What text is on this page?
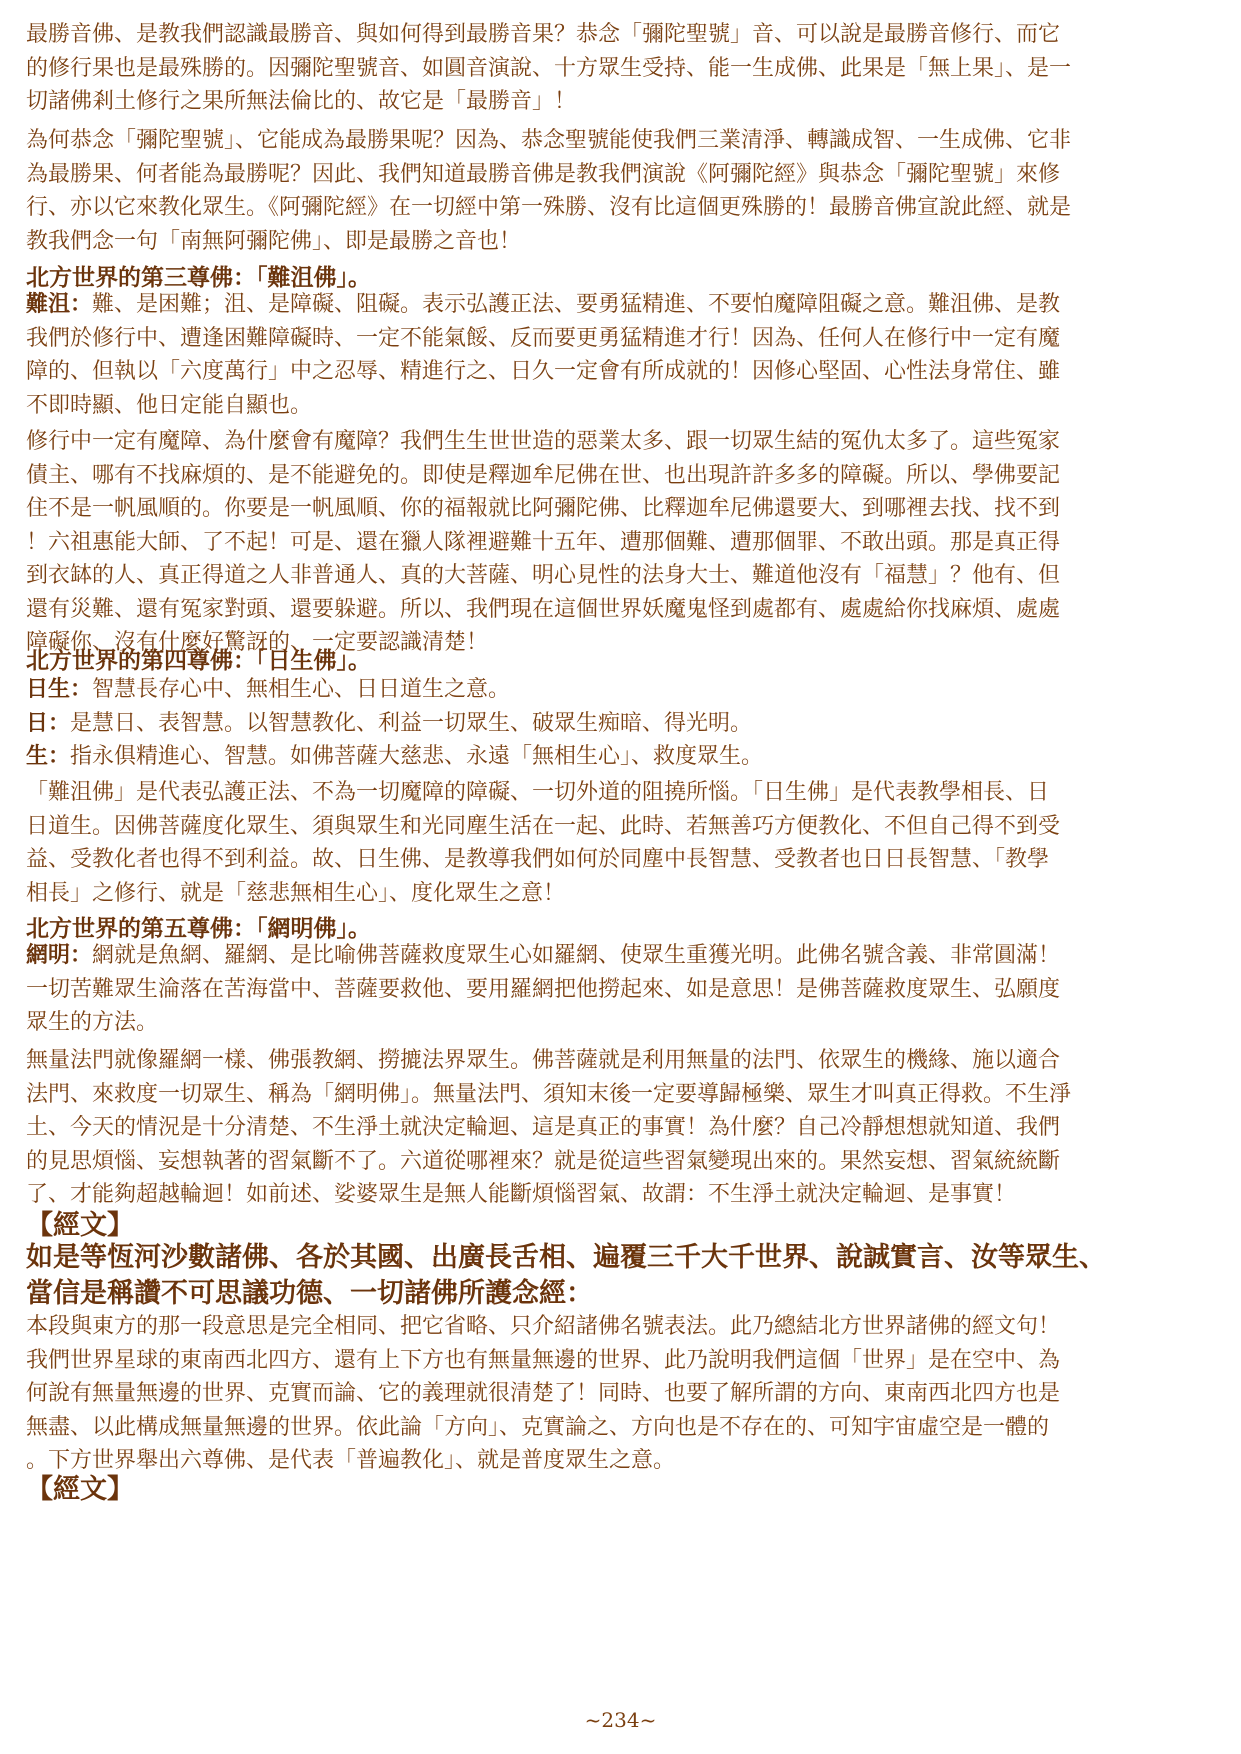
最勝音佛、是教我們認識最勝音、與如何得到最勝音果？恭念「彌陀聖號」音、可以說是最勝音修行、而它
的修行果也是最殊勝的。因彌陀聖號音、如圓音演說、十方眾生受持、能一生成佛、此果是「無上果」、是一
切諸佛剎土修行之果所無法倫比的、故它是「最勝音」！
為何恭念「彌陀聖號」、它能成為最勝果呢？因為、恭念聖號能使我們三業清淨、轉識成智、一生成佛、它非
為最勝果、何者能為最勝呢？因此、我們知道最勝音佛是教我們演說《阿彌陀經》與恭念「彌陀聖號」來修
行、亦以它來教化眾生。《阿彌陀經》在一切經中第一殊勝、沒有比這個更殊勝的！最勝音佛宣說此經、就是
教我們念一句「南無阿彌陀佛」、即是最勝之音也！
北方世界的第三尊佛：「難沮佛」。
難沮：難、是困難；沮、是障礙、阻礙。表示弘護正法、要勇猛精進、不要怕魔障阻礙之意。難沮佛、是教
我們於修行中、遭逢困難障礙時、一定不能氣餒、反而要更勇猛精進才行！因為、任何人在修行中一定有魔
障的、但執以「六度萬行」中之忍辱、精進行之、日久一定會有所成就的！因修心堅固、心性法身常住、雖
不即時顯、他日定能自顯也。
修行中一定有魔障、為什麼會有魔障？我們生生世世造的惡業太多、跟一切眾生結的冤仇太多了。這些冤家
債主、哪有不找麻煩的、是不能避免的。即使是釋迦牟尼佛在世、也出現許許多多的障礙。所以、學佛要記
住不是一帆風順的。你要是一帆風順、你的福報就比阿彌陀佛、比釋迦牟尼佛還要大、到哪裡去找、找不到
！六祖惠能大師、了不起！可是、還在獵人隊裡避難十五年、遭那個難、遭那個罪、不敢出頭。那是真正得
到衣缽的人、真正得道之人非普通人、真的大菩薩、明心見性的法身大士、難道他沒有「福慧」？他有、但
還有災難、還有冤家對頭、還要躲避。所以、我們現在這個世界妖魔鬼怪到處都有、處處給你找麻煩、處處
障礙你、沒有什麼好驚訝的、一定要認識清楚！
北方世界的第四尊佛：「日生佛」。
日生：智慧長存心中、無相生心、日日道生之意。
日：是慧日、表智慧。以智慧教化、利益一切眾生、破眾生痴暗、得光明。
生：指永俱精進心、智慧。如佛菩薩大慈悲、永遠「無相生心」、救度眾生。
「難沮佛」是代表弘護正法、不為一切魔障的障礙、一切外道的阻撓所惱。「日生佛」是代表教學相長、日
日道生。因佛菩薩度化眾生、須與眾生和光同塵生活在一起、此時、若無善巧方便教化、不但自己得不到受
益、受教化者也得不到利益。故、日生佛、是教導我們如何於同塵中長智慧、受教者也日日長智慧、「教學
相長」之修行、就是「慈悲無相生心」、度化眾生之意！
北方世界的第五尊佛：「網明佛」。
網明：網就是魚網、羅網、是比喻佛菩薩救度眾生心如羅網、使眾生重獲光明。此佛名號含義、非常圓滿！
一切苦難眾生淪落在苦海當中、菩薩要救他、要用羅網把他撈起來、如是意思！是佛菩薩救度眾生、弘願度
眾生的方法。
無量法門就像羅網一樣、佛張教網、撈摝法界眾生。佛菩薩就是利用無量的法門、依眾生的機緣、施以適合
法門、來救度一切眾生、稱為「網明佛」。無量法門、須知末後一定要導歸極樂、眾生才叫真正得救。不生淨
土、今天的情況是十分清楚、不生淨土就決定輪迴、這是真正的事實！為什麼？自己冷靜想想就知道、我們
的見思煩惱、妄想執著的習氣斷不了。六道從哪裡來？就是從這些習氣變現出來的。果然妄想、習氣統統斷
了、才能夠超越輪迴！如前述、娑婆眾生是無人能斷煩惱習氣、故謂：不生淨土就決定輪迴、是事實！
【經文】
如是等恆河沙數諸佛、各於其國、出廣長舌相、遍覆三千大千世界、說誠實言、汝等眾生、
當信是稱讚不可思議功德、一切諸佛所護念經：
本段與東方的那一段意思是完全相同、把它省略、只介紹諸佛名號表法。此乃總結北方世界諸佛的經文句！
我們世界星球的東南西北四方、還有上下方也有無量無邊的世界、此乃說明我們這個「世界」是在空中、為
何說有無量無邊的世界、克實而論、它的義理就很清楚了！同時、也要了解所謂的方向、東南西北四方也是
無盡、以此構成無量無邊的世界。依此論「方向」、克實論之、方向也是不存在的、可知宇宙虛空是一體的
。下方世界舉出六尊佛、是代表「普遍教化」、就是普度眾生之意。
【經文】
~234~
